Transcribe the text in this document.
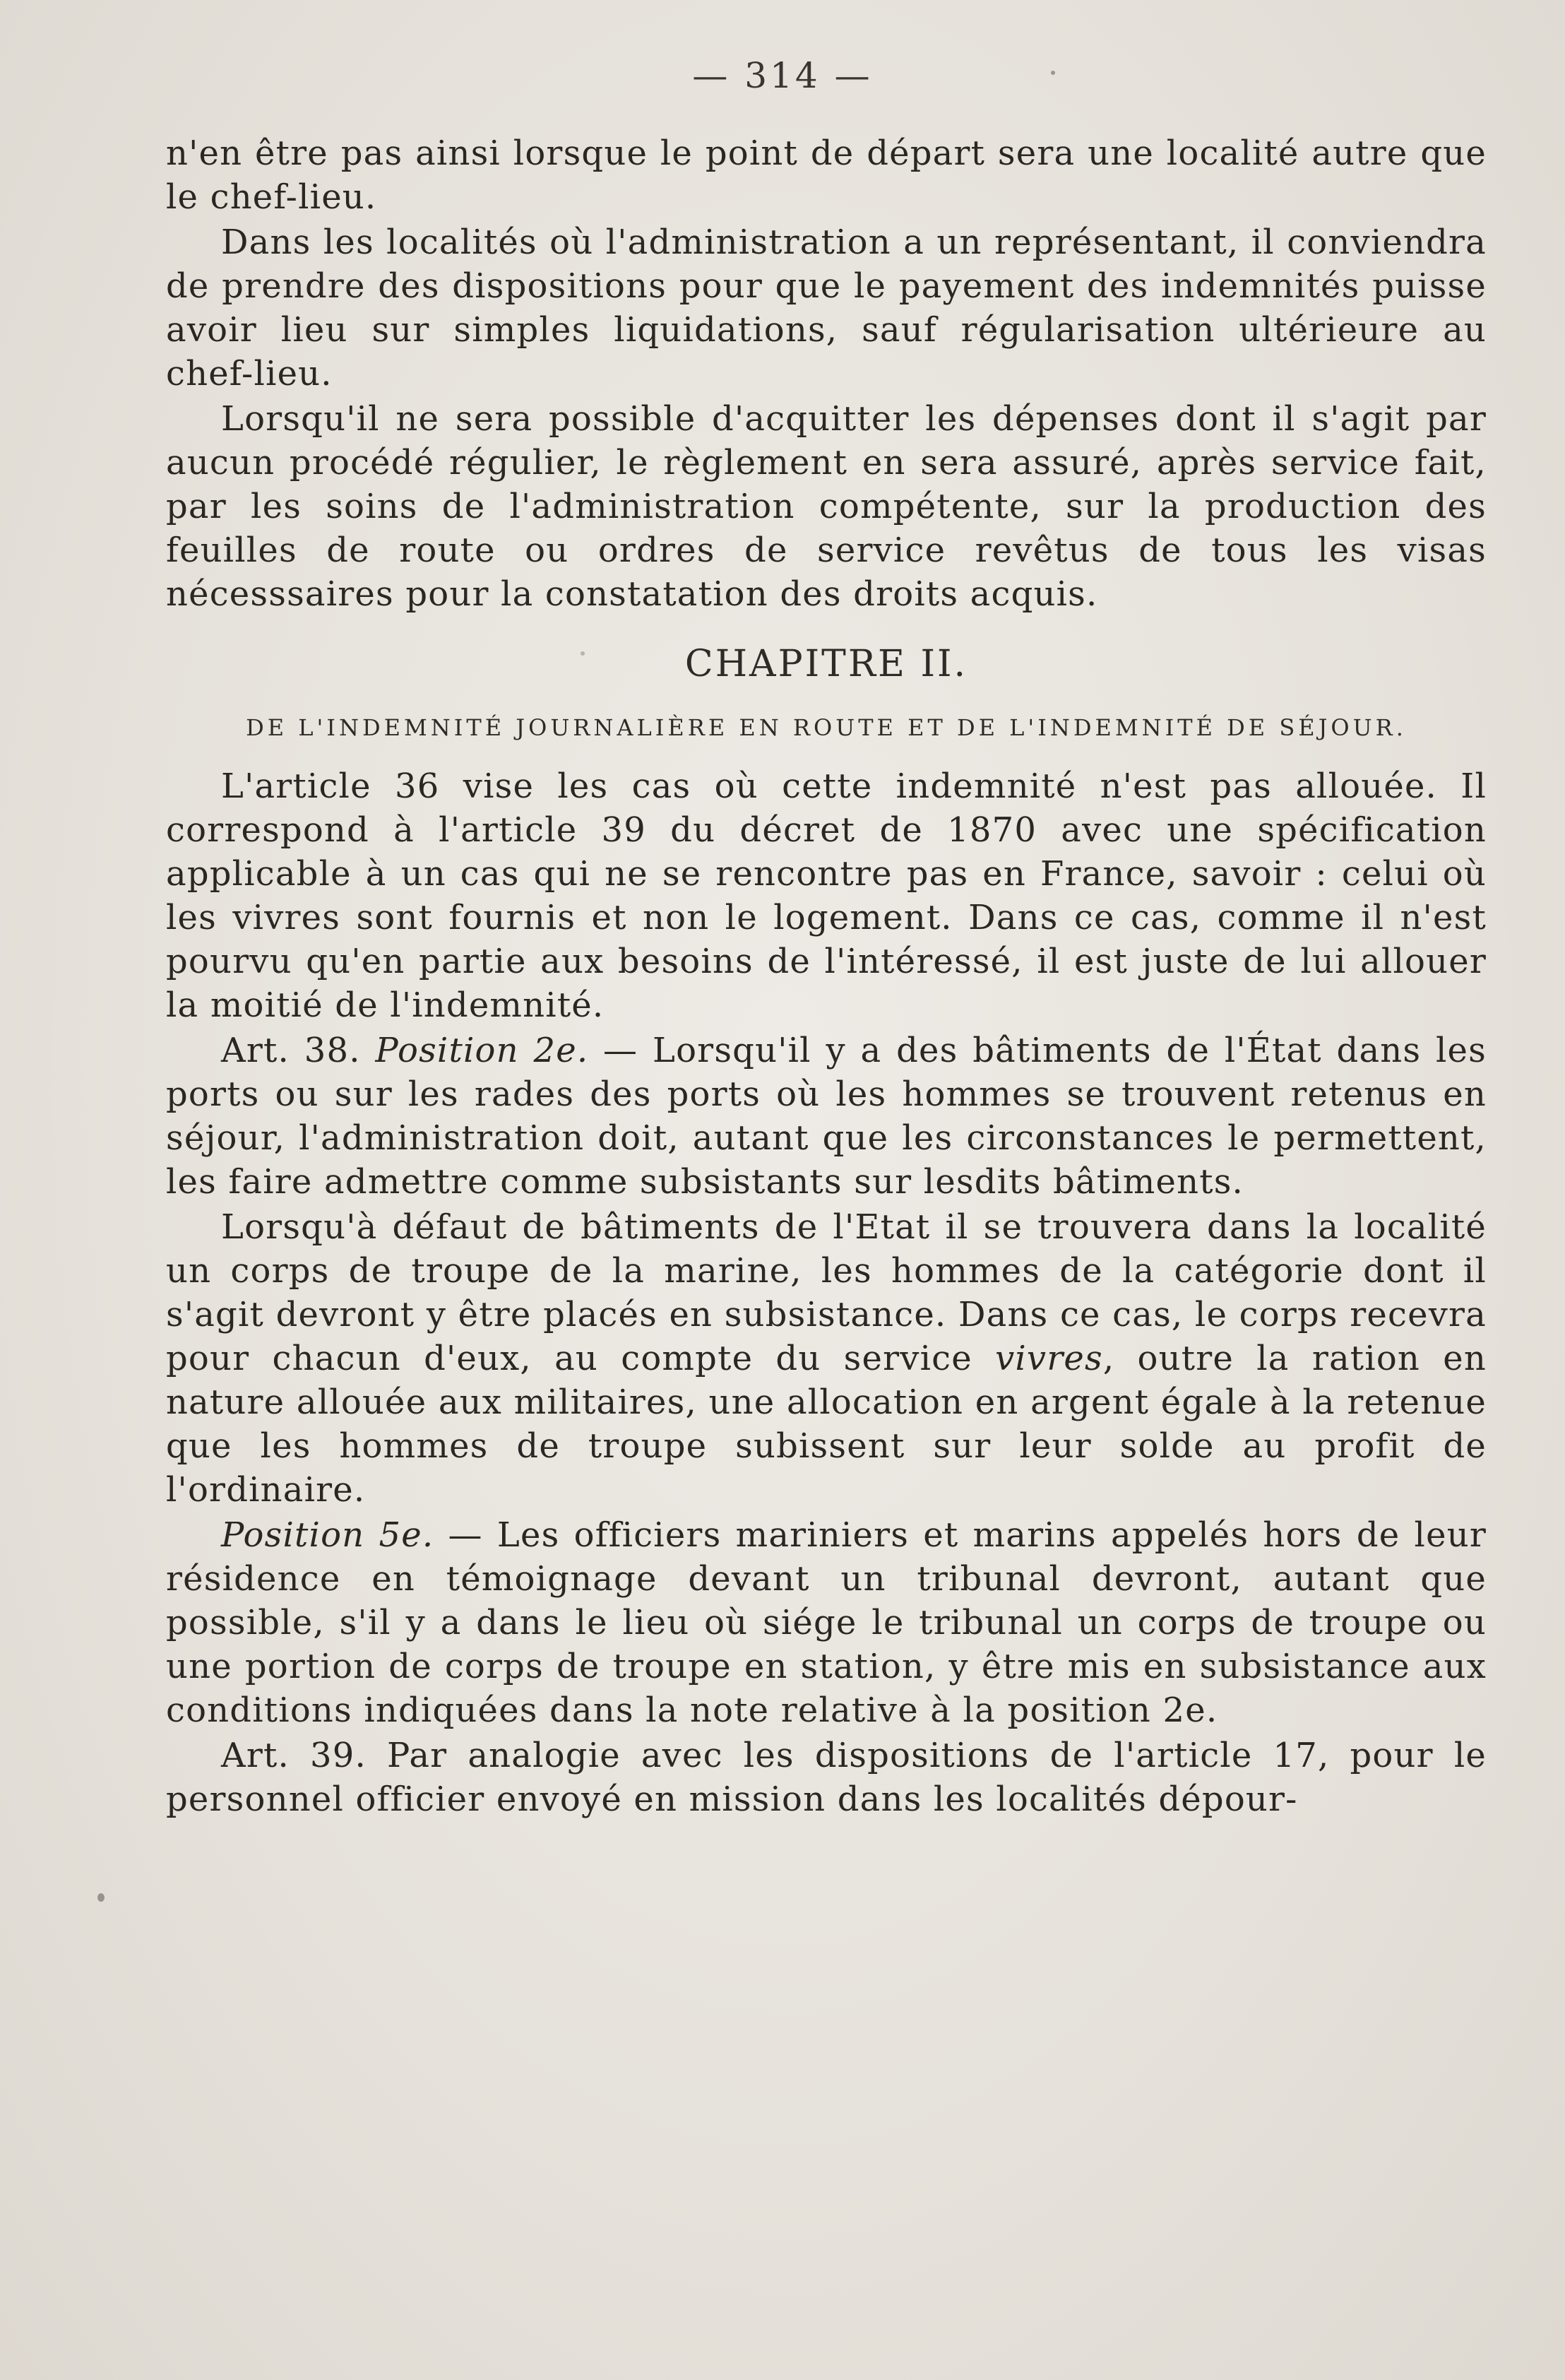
— 314 —

n'en être pas ainsi lorsque le point de départ sera une localité autre que le chef-lieu.

Dans les localités où l'administration a un représentant, il conviendra de prendre des dispositions pour que le payement des indemnités puisse avoir lieu sur simples liquidations, sauf régularisation ultérieure au chef-lieu.

Lorsqu'il ne sera possible d'acquitter les dépenses dont il s'agit par aucun procédé régulier, le règlement en sera assuré, après service fait, par les soins de l'administration compétente, sur la production des feuilles de route ou ordres de service revêtus de tous les visas nécesssaires pour la constatation des droits acquis.

CHAPITRE II.
DE L'INDEMNITÉ JOURNALIÈRE EN ROUTE ET DE L'INDEMNITÉ DE SÉJOUR.

L'article 36 vise les cas où cette indemnité n'est pas allouée. Il correspond à l'article 39 du décret de 1870 avec une spécification applicable à un cas qui ne se rencontre pas en France, savoir : celui où les vivres sont fournis et non le logement. Dans ce cas, comme il n'est pourvu qu'en partie aux besoins de l'intéressé, il est juste de lui allouer la moitié de l'indemnité.

Art. 38. Position 2e. — Lorsqu'il y a des bâtiments de l'État dans les ports ou sur les rades des ports où les hommes se trouvent retenus en séjour, l'administration doit, autant que les circonstances le permettent, les faire admettre comme subsistants sur lesdits bâtiments.

Lorsqu'à défaut de bâtiments de l'Etat il se trouvera dans la localité un corps de troupe de la marine, les hommes de la catégorie dont il s'agit devront y être placés en subsistance. Dans ce cas, le corps recevra pour chacun d'eux, au compte du service vivres, outre la ration en nature allouée aux militaires, une allocation en argent égale à la retenue que les hommes de troupe subissent sur leur solde au profit de l'ordinaire.

Position 5e. — Les officiers mariniers et marins appelés hors de leur résidence en témoignage devant un tribunal devront, autant que possible, s'il y a dans le lieu où siége le tribunal un corps de troupe ou une portion de corps de troupe en station, y être mis en subsistance aux conditions indiquées dans la note relative à la position 2e.

Art. 39. Par analogie avec les dispositions de l'article 17, pour le personnel officier envoyé en mission dans les localités dépour-
